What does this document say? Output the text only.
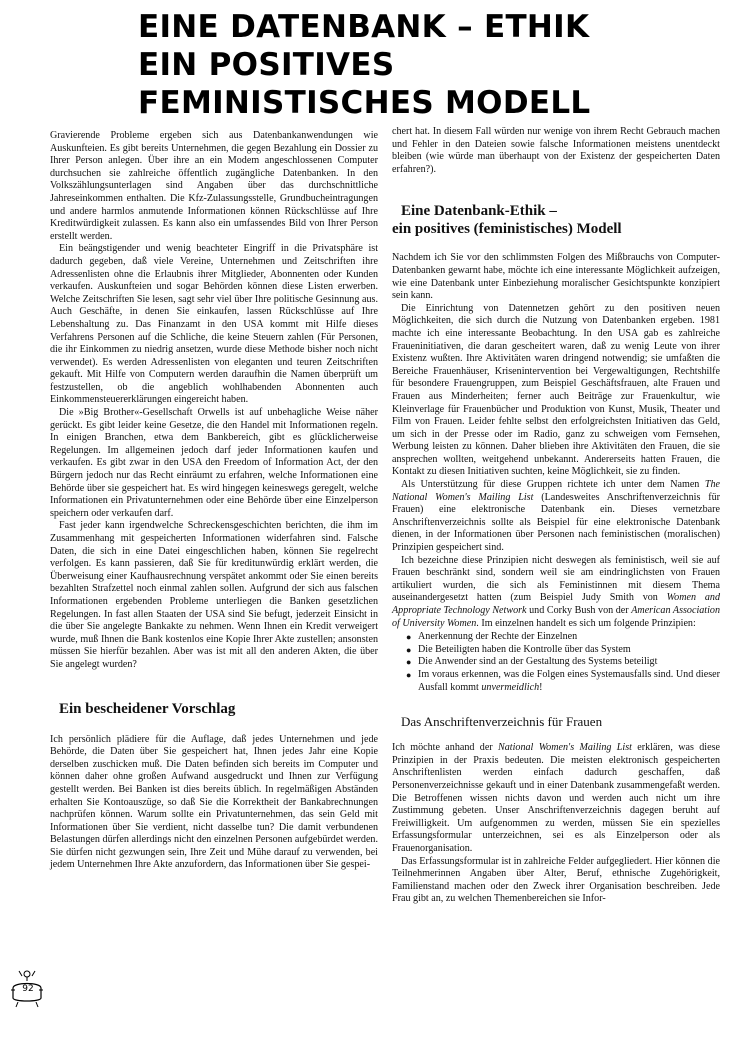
EINE DATENBANK – ETHIK
EIN POSITIVES
FEMINISTISCHES MODELL

Gravierende Probleme ergeben sich aus Datenbankanwendungen wie Auskunfteien. Es gibt bereits Unternehmen, die gegen Bezahlung ein Dossier zu Ihrer Person anlegen. Über ihre an ein Modem angeschlossenen Computer durchsuchen sie zahlreiche öffentlich zugängliche Datenbanken. In den Volkszählungsunterlagen sind Angaben über das durchschnittliche Jahreseinkommen enthalten. Die Kfz-Zulassungsstelle, Grundbucheintragungen und andere harmlos anmutende Informationen können Rückschlüsse auf Ihre Kreditwürdigkeit zulassen. Es kann also ein umfassendes Bild von Ihrer Person erstellt werden.

Ein beängstigender und wenig beachteter Eingriff in die Privatsphäre ist dadurch gegeben, daß viele Vereine, Unternehmen und Zeitschriften ihre Adressenlisten ohne die Erlaubnis ihrer Mitglieder, Abonnenten oder Kunden verkaufen. Auskunfteien und sogar Behörden können diese Listen erwerben. Welche Zeitschriften Sie lesen, sagt sehr viel über Ihre politische Gesinnung aus. Auch Geschäfte, in denen Sie einkaufen, lassen Rückschlüsse auf Ihre Lebenshaltung zu. Das Finanzamt in den USA kommt mit Hilfe dieses Verfahrens Personen auf die Schliche, die keine Steuern zahlen (Für Personen, die ihr Einkommen zu niedrig ansetzen, wurde diese Methode bisher noch nicht verwendet). Es werden Adressenlisten von eleganten und teuren Zeitschriften gekauft. Mit Hilfe von Computern werden daraufhin die Namen überprüft um festzustellen, ob die angeblich wohlhabenden Abonnenten auch Einkommensteuererklärungen eingereicht haben.

Die »Big Brother«-Gesellschaft Orwells ist auf unbehagliche Weise näher gerückt. Es gibt leider keine Gesetze, die den Handel mit Informationen regeln. In einigen Branchen, etwa dem Bankbereich, gibt es glücklicherweise Regelungen. Im allgemeinen jedoch darf jeder Informationen kaufen und verkaufen. Es gibt zwar in den USA den Freedom of Information Act, der den Bürgern jedoch nur das Recht einräumt zu erfahren, welche Informationen eine Behörde über sie gespeichert hat. Es wird hingegen keineswegs geregelt, welche Informationen ein Privatunternehmen oder eine Behörde über eine Einzelperson speichern oder verkaufen darf.

Fast jeder kann irgendwelche Schreckensgeschichten berichten, die ihm im Zusammenhang mit gespeicherten Informationen widerfahren sind. Falsche Daten, die sich in eine Datei eingeschlichen haben, können Sie regelrecht verfolgen. Es kann passieren, daß Sie für kreditunwürdig erklärt werden, die Überweisung einer Kaufhausrechnung verspätet ankommt oder Sie einen bereits bezahlten Strafzettel noch einmal zahlen sollen. Aufgrund der sich aus falschen Informationen ergebenden Probleme unterliegen die Banken gesetzlichen Regelungen. In fast allen Staaten der USA sind Sie befugt, jederzeit Einsicht in die über Sie angelegte Bankakte zu nehmen. Wenn Ihnen ein Kredit verweigert wurde, muß Ihnen die Bank kostenlos eine Kopie Ihrer Akte zustellen; ansonsten müssen Sie hierfür bezahlen. Aber was ist mit all den anderen Akten, die über Sie angelegt wurden?

Ein bescheidener Vorschlag

Ich persönlich plädiere für die Auflage, daß jedes Unternehmen und jede Behörde, die Daten über Sie gespeichert hat, Ihnen jedes Jahr eine Kopie derselben zuschicken muß. Die Daten befinden sich bereits im Computer und können daher ohne großen Aufwand ausgedruckt und Ihnen zur Verfügung gestellt werden. Bei Banken ist dies bereits üblich. In regelmäßigen Abständen erhalten Sie Kontoauszüge, so daß Sie die Korrektheit der Bankabrechnungen nachprüfen können. Warum sollte ein Privatunternehmen, das sein Geld mit Informationen über Sie verdient, nicht dasselbe tun? Die damit verbundenen Belastungen dürfen allerdings nicht den einzelnen Personen aufgebürdet werden. Sie dürfen nicht gezwungen sein, Ihre Zeit und Mühe darauf zu verwenden, bei jedem Unternehmen Ihre Akte anzufordern, das Informationen über Sie gespei-

chert hat. In diesem Fall würden nur wenige von ihrem Recht Gebrauch machen und Fehler in den Dateien sowie falsche Informationen meistens unentdeckt bleiben (wie würde man überhaupt von der Existenz der gespeicherten Daten erfahren?).

Eine Datenbank-Ethik –
ein positives (feministisches) Modell

Nachdem ich Sie vor den schlimmsten Folgen des Mißbrauchs von Computer-Datenbanken gewarnt habe, möchte ich eine interessante Möglichkeit aufzeigen, wie eine Datenbank unter Einbeziehung moralischer Gesichtspunkte konzipiert sein kann.

Die Einrichtung von Datennetzen gehört zu den positiven neuen Möglichkeiten, die sich durch die Nutzung von Datenbanken ergeben. 1981 machte ich eine interessante Beobachtung. In den USA gab es zahlreiche Fraueninitiativen, die daran gescheitert waren, daß zu wenig Leute von ihrer Existenz wußten. Ihre Aktivitäten waren dringend notwendig; sie umfaßten die Bereiche Frauenhäuser, Krisenintervention bei Vergewaltigungen, Rechtshilfe für besondere Frauengruppen, zum Beispiel Geschäftsfrauen, alte Frauen und Frauen aus Minderheiten; ferner auch Beiträge zur Frauenkultur, wie Kleinverlage für Frauenbücher und Produktion von Kunst, Musik, Theater und Film von Frauen. Leider fehlte selbst den erfolgreichsten Initiativen das Geld, um sich in der Presse oder im Radio, ganz zu schweigen vom Fernsehen, Werbung leisten zu können. Daher blieben ihre Aktivitäten den Frauen, die sie ansprechen wollten, weitgehend unbekannt. Andererseits hatten Frauen, die Kontakt zu diesen Initiativen suchten, keine Möglichkeit, sie zu finden.

Als Unterstützung für diese Gruppen richtete ich unter dem Namen The National Women's Mailing List (Landesweites Anschriftenverzeichnis für Frauen) eine elektronische Datenbank ein. Dieses vernetzbare Anschriftenverzeichnis sollte als Beispiel für eine elektronische Datenbank dienen, in der Informationen über Personen nach feministischen (moralischen) Prinzipien gespeichert sind.

Ich bezeichne diese Prinzipien nicht deswegen als feministisch, weil sie auf Frauen beschränkt sind, sondern weil sie am eindringlichsten von Frauen artikuliert wurden, die sich als Feministinnen mit diesem Thema auseinandergesetzt hatten (zum Beispiel Judy Smith von Women and Appropriate Technology Network und Corky Bush von der American Association of University Women. Im einzelnen handelt es sich um folgende Prinzipien:

● Anerkennung der Rechte der Einzelnen
● Die Beteiligten haben die Kontrolle über das System
● Die Anwender sind an der Gestaltung des Systems beteiligt
● Im voraus erkennen, was die Folgen eines Systemausfalls sind. Und dieser Ausfall kommt unvermeidlich!

Das Anschriftenverzeichnis für Frauen

Ich möchte anhand der National Women's Mailing List erklären, was diese Prinzipien in der Praxis bedeuten. Die meisten elektronisch gespeicherten Anschriftenlisten werden einfach dadurch geschaffen, daß Personenverzeichnisse gekauft und in einer Datenbank zusammengefaßt werden. Die Betroffenen wissen nichts davon und werden auch nicht um ihre Zustimmung gebeten. Unser Anschriftenverzeichnis dagegen beruht auf Freiwilligkeit. Um aufgenommen zu werden, müssen Sie ein spezielles Erfassungsformular unterzeichnen, sei es als Einzelperson oder als Frauenorganisation.

Das Erfassungsformular ist in zahlreiche Felder aufgegliedert. Hier können die Teilnehmerinnen Angaben über Alter, Beruf, ethnische Zugehörigkeit, Familienstand machen oder den Zweck ihrer Organisation beschreiben. Jede Frau gibt an, zu welchen Themenbereichen sie Infor-

92
